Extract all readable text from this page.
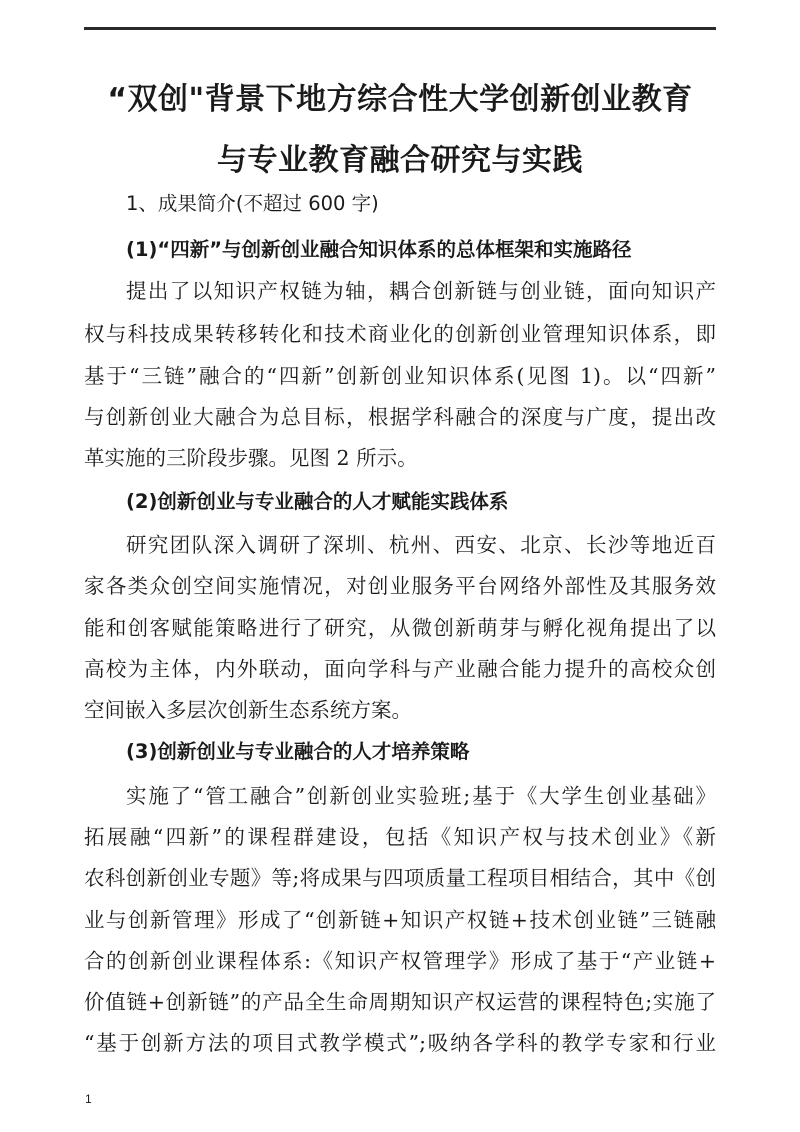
“双创"背景下地方综合性大学创新创业教育
与专业教育融合研究与实践
1、成果简介(不超过 600 字)
(1)“四新”与创新创业融合知识体系的总体框架和实施路径
提出了以知识产权链为轴，耦合创新链与创业链，面向知识产
权与科技成果转移转化和技术商业化的创新创业管理知识体系，即
基于“三链”融合的“四新”创新创业知识体系(见图 1)。以“四新”
与创新创业大融合为总目标，根据学科融合的深度与广度，提出改
革实施的三阶段步骤。见图 2 所示。
(2)创新创业与专业融合的人才赋能实践体系
研究团队深入调研了深圳、杭州、西安、北京、长沙等地近百
家各类众创空间实施情况，对创业服务平台网络外部性及其服务效
能和创客赋能策略进行了研究，从微创新萌芽与孵化视角提出了以
高校为主体，内外联动，面向学科与产业融合能力提升的高校众创
空间嵌入多层次创新生态系统方案。
(3)创新创业与专业融合的人才培养策略
实施了“管工融合”创新创业实验班;基于《大学生创业基础》
拓展融“四新”的课程群建设，包括《知识产权与技术创业》《新
农科创新创业专题》等;将成果与四项质量工程项目相结合，其中《创
业与创新管理》形成了“创新链+知识产权链+技术创业链”三链融
合的创新创业课程体系:《知识产权管理学》形成了基于“产业链+
价值链+创新链”的产品全生命周期知识产权运营的课程特色;实施了
“基于创新方法的项目式教学模式”;吸纳各学科的教学专家和行业
1
